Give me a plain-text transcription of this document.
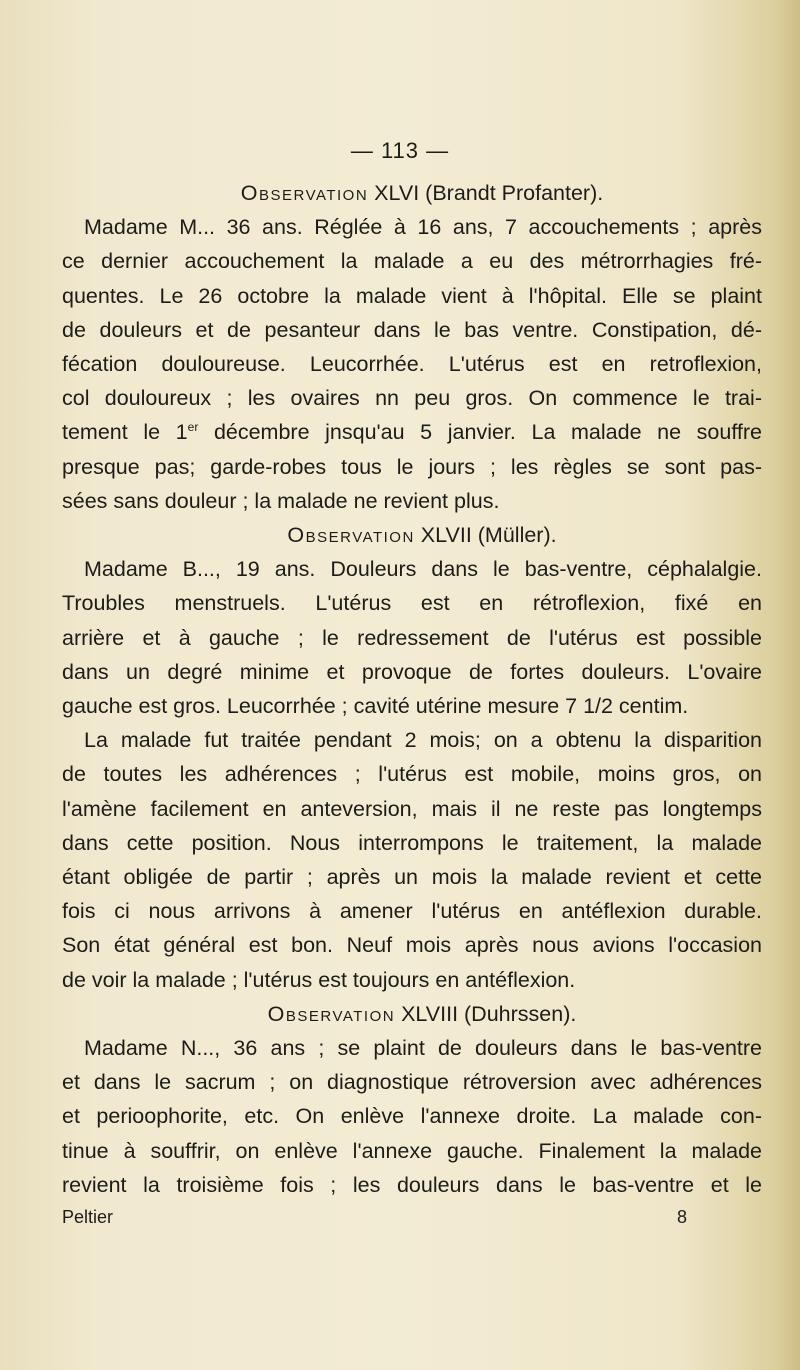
— 113 —

Observation XLVI (Brandt Profanter).

Madame M... 36 ans. Réglée à 16 ans, 7 accouchements ; après
ce dernier accouchement la malade a eu des métrorrhagies fré-
quentes. Le 26 octobre la malade vient à l'hôpital. Elle se plaint
de douleurs et de pesanteur dans le bas ventre. Constipation, dé-
fécation douloureuse. Leucorrhée. L'utérus est en retroflexion,
col douloureux ; les ovaires nn peu gros. On commence le trai-
tement le 1er décembre jnsqu'au 5 janvier. La malade ne souffre
presque pas; garde-robes tous le jours ; les règles se sont pas-
sées sans douleur ; la malade ne revient plus.

Observation XLVII (Müller).

Madame B..., 19 ans. Douleurs dans le bas-ventre, céphalalgie.
Troubles menstruels. L'utérus est en rétroflexion, fixé en
arrière et à gauche ; le redressement de l'utérus est possible
dans un degré minime et provoque de fortes douleurs. L'ovaire
gauche est gros. Leucorrhée ; cavité utérine mesure 7 1/2 centim.
La malade fut traitée pendant 2 mois; on a obtenu la disparition
de toutes les adhérences ; l'utérus est mobile, moins gros, on
l'amène facilement en anteversion, mais il ne reste pas longtemps
dans cette position. Nous interrompons le traitement, la malade
étant obligée de partir ; après un mois la malade revient et cette
fois ci nous arrivons à amener l'utérus en antéflexion durable.
Son état général est bon. Neuf mois après nous avions l'occasion
de voir la malade ; l'utérus est toujours en antéflexion.

Observation XLVIII (Duhrssen).

Madame N..., 36 ans ; se plaint de douleurs dans le bas-ventre
et dans le sacrum ; on diagnostique rétroversion avec adhérences
et perioophorite, etc. On enlève l'annexe droite. La malade con-
tinue à souffrir, on enlève l'annexe gauche. Finalement la malade
revient la troisième fois ; les douleurs dans le bas-ventre et le

Peltier	8
